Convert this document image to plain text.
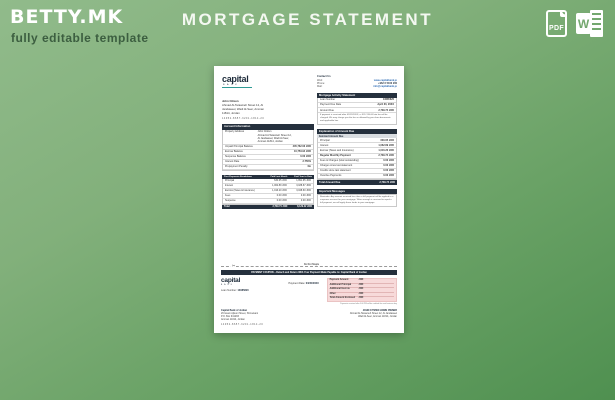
BETTY.MK
fully editable template
MORTGAGE STATEMENT	PDF W
capital
BANK
John Citizen
Ahmad Al-Tarawneh Street 12, Al
Jandaweel, Wadi Al-Seer, Amman
11814, Jordan
14052-8657-3201-1814-20
Account Information
Property Address	John Citizen
Ahmad Al-Tarawneh Street 12,
Al Jandaweel, Wadi Al-Seer,
Amman 11814, Jordan
Unpaid Principal Balance	445,762.63 JOD
Escrow Balance	10,753.94 JOD
Suspense Balance	0.00 JOD
Interest Rate	2.750%
Prepayment Penalty	No
Past Payments Breakdown	Paid Last Month	Paid Year to Date
Principal	630.65 JOD	1,891.95 JOD
Interest	1,062.89 JOD	3,188.67 JOD
Escrow (Taxes & Insurance)	1,016.20 JOD	3,048.60 JOD
Fees	0.00 JOD	0.00 JOD
Suspense	0.00 JOD	0.00 JOD
Total	2,709.74 JOD	8,129.22 JOD
Contact Us
Web:	www.capitalbank.jo
Phone:	+962 6 5100 200
Mail:	info@capitalbank.jo
Mortgage Activity Statement
Loan Number	13685820
Payment Due Date	April 30, 20XX
Amount Due	2,709.74 JOD
If payment is received after 05/15/20XX, a JOD 135.00 late fee will be charged. We may charge you the fee as allowed by your loan documents and applicable law.
Explanation of Amount Due
Itemized Amount Due
Principal	630.65 JOD
Interest	1,062.89 JOD
Escrow (Taxes and Insurance)	1,016.20 JOD
Regular Monthly Payment	2,709.74 JOD
Fees & Charges (total outstanding)	0.00 JOD
Charges since last statement	0.00 JOD
Credits since last statement	0.00 JOD
Overdue Payments	0.00 JOD
Total Amount Due	2,709.74 JOD
Important Messages
Reminder: Any amount received less than a full payment will be applied to a suspense account for your mortgage. When enough is received to equal a full payment, we will apply those funds to your mortgage.
✂	Do Not Staple
PAYMENT COUPON – Detach and Return With Your Payment Made Payable to: Capital Bank of Jordan
capital
BANK
Loan Number: 13685820
Payment Date: 04/30/20XX
Payment Amount	JOD
Additional Principal	JOD
Additional Escrow	JOD
Other	JOD
Total Amount Enclosed	JOD
Payments received after 5:00 PM will be credited the next business day
Capital Bank of Jordan
26 Issam Ajlouni Street, Shmeisani
P.O. Box 941283
Amman 11194, Jordan
14052-8657-3201-1814-20
JOHN CITIZEN HOME OWNER
Ahmad Al-Tarawneh Street 12, Al Jandaweel
Wadi Al-Seer, Amman 11814, Jordan
